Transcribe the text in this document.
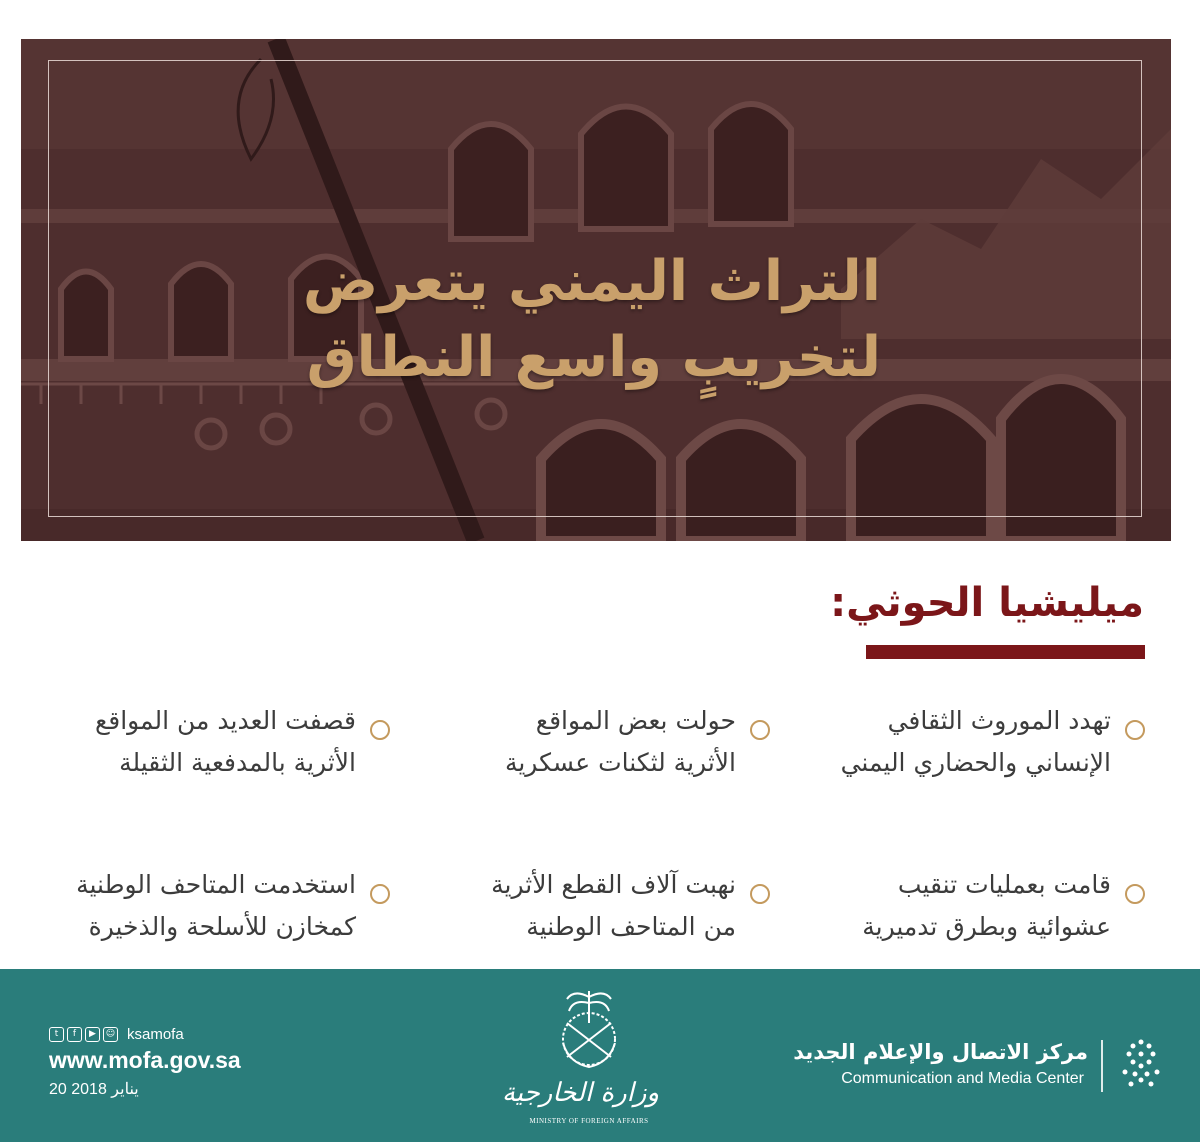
التراث اليمني يتعرض
لتخريبٍ واسع النطاق
ميليشيا الحوثي:
تهدد الموروث الثقافي
الإنساني والحضاري اليمني
حولت بعض المواقع
الأثرية لثكنات عسكرية
قصفت العديد من المواقع
الأثرية بالمدفعية الثقيلة
قامت بعمليات تنقيب
عشوائية وبطرق تدميرية
نهبت آلاف القطع الأثرية
من المتاحف الوطنية
استخدمت المتاحف الوطنية
كمخازن للأسلحة والذخيرة
t	f	▶	☺ ksamofa
www.mofa.gov.sa
20 يناير 2018	وزارة الخارجية
MINISTRY OF FOREIGN AFFAIRS
مركز الاتصال والإعلام الجديد
Communication and Media Center
